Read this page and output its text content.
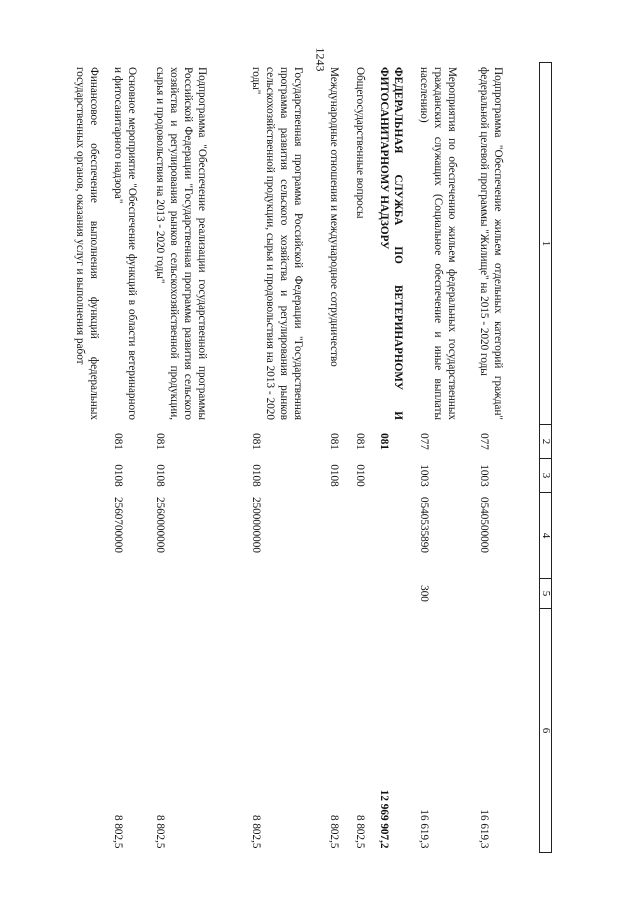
1243
1	2	3	4	5	6
Подпрограмма "Обеспечение жильем отдельных категорий граждан" федеральной целевой программы "Жилище" на 2015 - 2020 годы	077	1003	0540500000		16 619,3
Мероприятия по обеспечению жильем федеральных государственных гражданских служащих (Социальное обеспечение и иные выплаты населению)	077	1003	0540535890	300	16 619,3
ФЕДЕРАЛЬНАЯ СЛУЖБА ПО ВЕТЕРИНАРНОМУ И ФИТОСАНИТАРНОМУ НАДЗОРУ	081				12 969 907,2
Общегосударственные вопросы	081	0100			8 802,5
Международные отношения и международное сотрудничество	081	0108			8 802,5
Государственная программа Российской Федерации "Государственная программа развития сельского хозяйства и регулирования рынков сельскохозяйственной продукции, сырья и продовольствия на 2013 - 2020 годы"	081	0108	2500000000		8 802,5
Подпрограмма "Обеспечение реализации государственной программы Российской Федерации "Государственная программа развития сельского хозяйства и регулирования рынков сельскохозяйственной продукции, сырья и продовольствия на 2013 - 2020 годы"	081	0108	2560000000		8 802,5
Основное мероприятие "Обеспечение функций в области ветеринарного и фитосанитарного надзора"	081	0108	2560700000		8 802,5
Финансовое обеспечение выполнения функций федеральных государственных органов, оказания услуг и выполнения работ					
